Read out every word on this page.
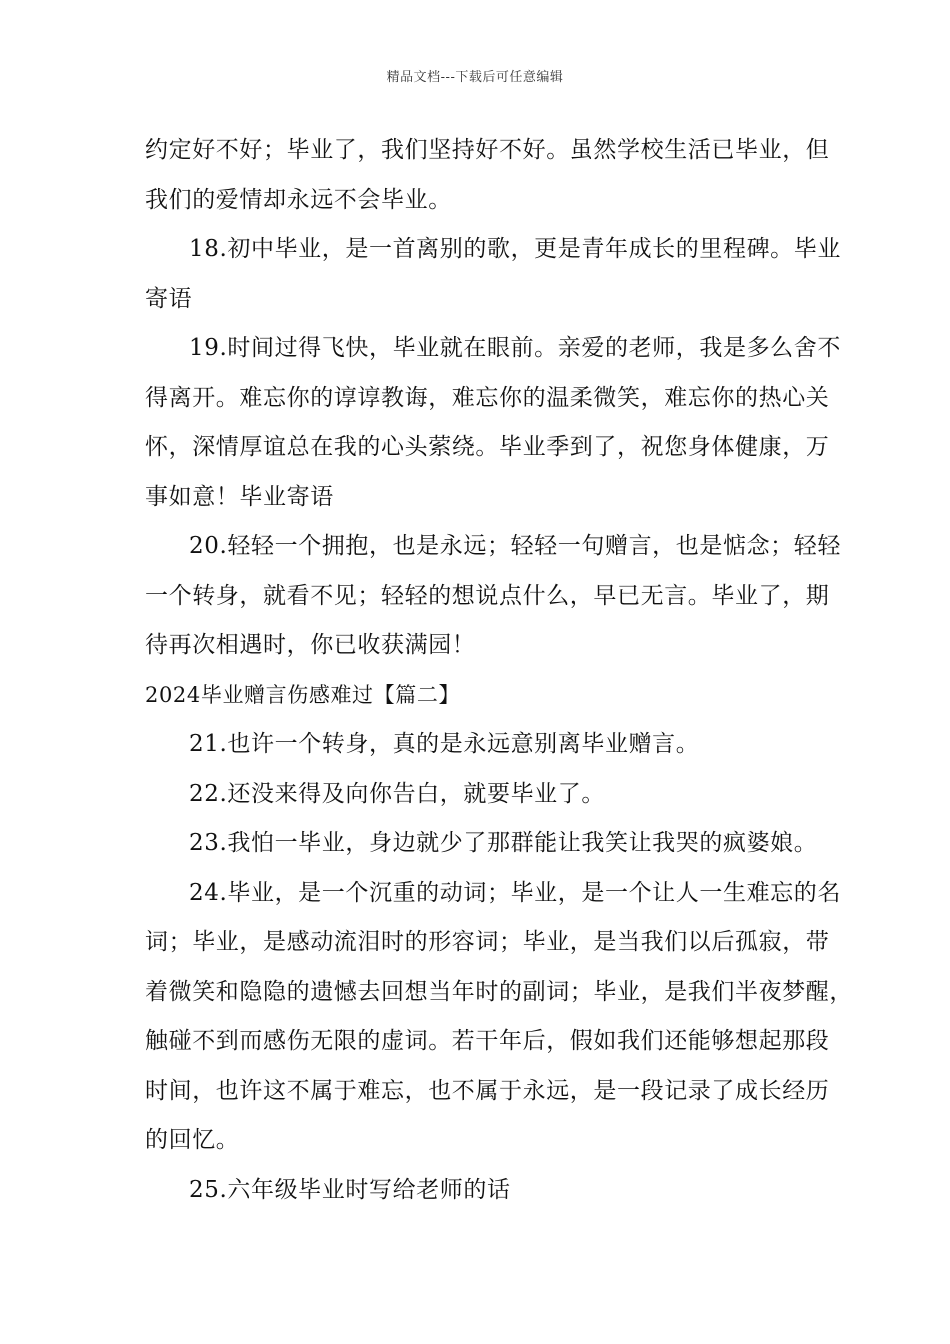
精品文档---下载后可任意编辑

约定好不好；毕业了，我们坚持好不好。虽然学校生活已毕业，但

我们的爱情却永远不会毕业。

18.初中毕业，是一首离别的歌，更是青年成长的里程碑。毕业

寄语

19.时间过得飞快，毕业就在眼前。亲爱的老师，我是多么舍不

得离开。难忘你的谆谆教诲，难忘你的温柔微笑，难忘你的热心关

怀，深情厚谊总在我的心头萦绕。毕业季到了，祝您身体健康，万

事如意！毕业寄语

20.轻轻一个拥抱，也是永远；轻轻一句赠言，也是惦念；轻轻

一个转身，就看不见；轻轻的想说点什么，早已无言。毕业了，期

待再次相遇时，你已收获满园！

2024毕业赠言伤感难过【篇二】

21.也许一个转身，真的是永远意别离毕业赠言。

22.还没来得及向你告白，就要毕业了。

23.我怕一毕业，身边就少了那群能让我笑让我哭的疯婆娘。

24.毕业，是一个沉重的动词；毕业，是一个让人一生难忘的名

词；毕业，是感动流泪时的形容词；毕业，是当我们以后孤寂，带

着微笑和隐隐的遗憾去回想当年时的副词；毕业，是我们半夜梦醒，

触碰不到而感伤无限的虚词。若干年后，假如我们还能够想起那段

时间，也许这不属于难忘，也不属于永远，是一段记录了成长经历

的回忆。

25.六年级毕业时写给老师的话
